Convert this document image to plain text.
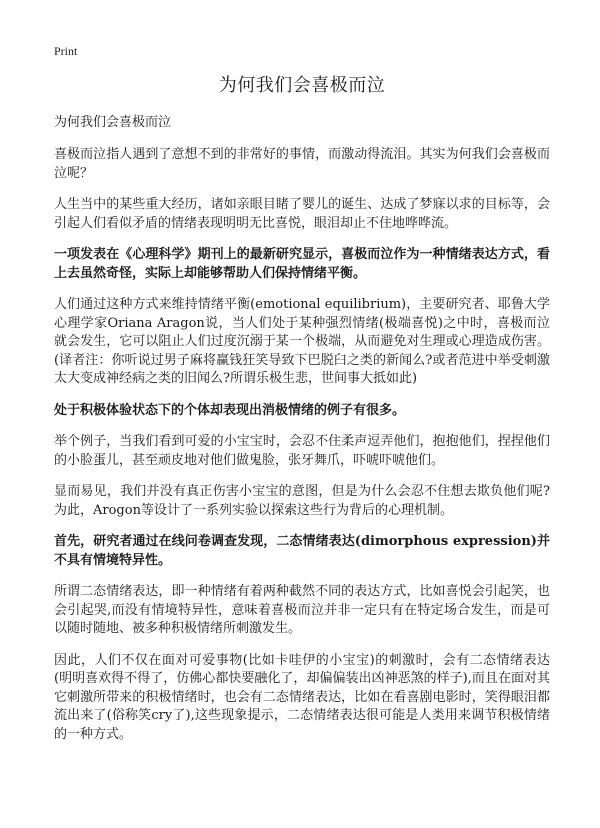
Print
为何我们会喜极而泣
为何我们会喜极而泣

喜极而泣指人遇到了意想不到的非常好的事情，而激动得流泪。其实为何我们会喜极而泣呢？

人生当中的某些重大经历，诸如亲眼目睹了婴儿的诞生、达成了梦寐以求的目标等，会引起人们看似矛盾的情绪表现明明无比喜悦，眼泪却止不住地哗哗流。

一项发表在《心理科学》期刊上的最新研究显示，喜极而泣作为一种情绪表达方式，看上去虽然奇怪，实际上却能够帮助人们保持情绪平衡。

人们通过这种方式来维持情绪平衡(emotional equilibrium)，主要研究者、耶鲁大学心理学家Oriana Aragon说，当人们处于某种强烈情绪(极端喜悦)之中时，喜极而泣就会发生，它可以阻止人们过度沉溺于某一个极端，从而避免对生理或心理造成伤害。(译者注：你听说过男子麻将赢钱狂笑导致下巴脱臼之类的新闻么?或者范进中举受刺激太大变成神经病之类的旧闻么?所谓乐极生悲，世间事大抵如此)

处于积极体验状态下的个体却表现出消极情绪的例子有很多。

举个例子，当我们看到可爱的小宝宝时，会忍不住柔声逗弄他们，抱抱他们，捏捏他们的小脸蛋儿，甚至顽皮地对他们做鬼脸，张牙舞爪，吓唬吓唬他们。

显而易见，我们并没有真正伤害小宝宝的意图，但是为什么会忍不住想去欺负他们呢?为此，Arogon等设计了一系列实验以探索这些行为背后的心理机制。

首先，研究者通过在线问卷调查发现，二态情绪表达(dimorphous expression)并不具有情境特异性。

所谓二态情绪表达，即一种情绪有着两种截然不同的表达方式，比如喜悦会引起笑，也会引起哭,而没有情境特异性，意味着喜极而泣并非一定只有在特定场合发生，而是可以随时随地、被多种积极情绪所刺激发生。

因此，人们不仅在面对可爱事物(比如卡哇伊的小宝宝)的刺激时，会有二态情绪表达(明明喜欢得不得了，仿佛心都快要融化了，却偏偏装出凶神恶煞的样子),而且在面对其它刺激所带来的积极情绪时，也会有二态情绪表达，比如在看喜剧电影时，笑得眼泪都流出来了(俗称笑cry了),这些现象提示，二态情绪表达很可能是人类用来调节积极情绪的一种方式。
